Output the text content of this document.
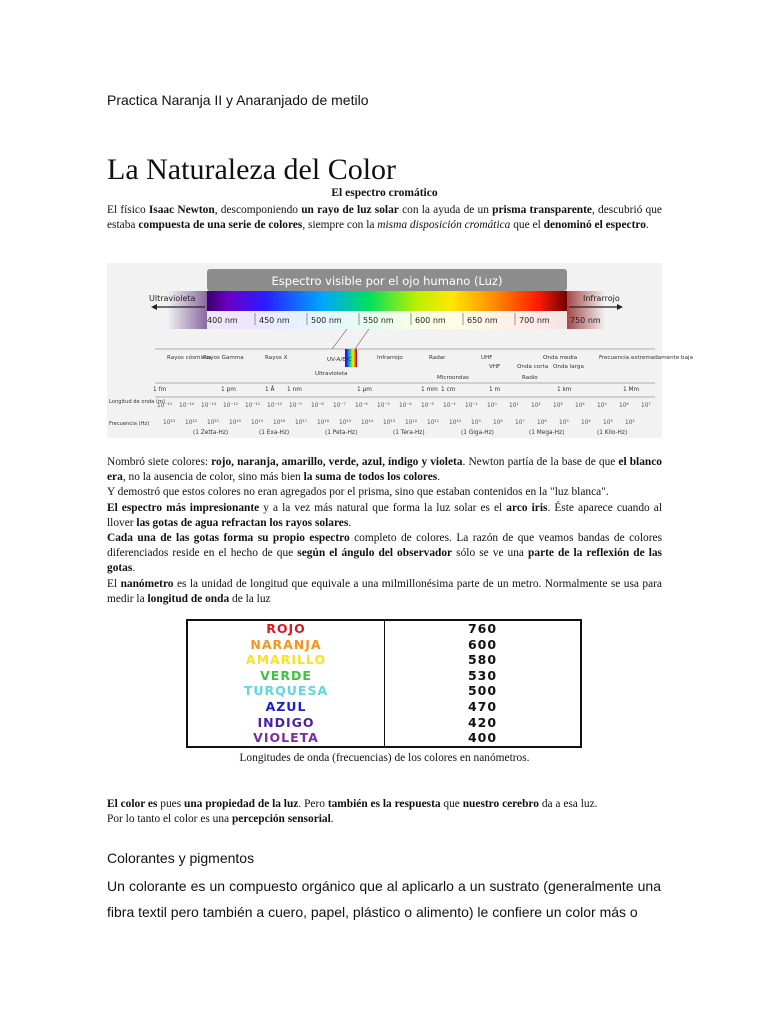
Practica Naranja II y Anaranjado de metilo
La Naturaleza del Color
El espectro cromático
El físico Isaac Newton, descomponiendo un rayo de luz solar con la ayuda de un prisma transparente, descubrió que estaba compuesta de una serie de colores, siempre con la misma disposición cromática que el denominó el espectro.
Espectro visible por el ojo humano (Luz)
400 nm	450 nm	500 nm	550 nm	600 nm	650 nm	700 nm	750 nm
Ultravioleta	Infrarrojo
Rayos cósmicos
Rayos Gamma	Rayos X	UV-A/B/C
Ultravioleta
Infrarrojo	Radar	UHF
VHF
Onda media
Onda corta Onda larga
Microondas	Radio
Frecuencia extremadamente baja
1 fm	1 pm	1 Å 1 nm	1 μm	1 mm 1 cm	1 m	1 km	1 Mm
Longitud de onda (m)
Frecuencia (Hz)
10⁻¹⁵ 10⁻¹⁴ 10⁻¹³ 10⁻¹² 10⁻¹¹ 10⁻¹⁰ 10⁻⁹ 10⁻⁸ 10⁻⁷ 10⁻⁶ 10⁻⁵ 10⁻⁴ 10⁻³ 10⁻² 10⁻¹ 10⁰ 10¹ 10² 10³ 10⁴ 10⁵ 10⁶ 10⁷
10²³ 10²² 10²¹ 10²⁰ 10¹⁹ 10¹⁸ 10¹⁷ 10¹⁶ 10¹⁵ 10¹⁴ 10¹³ 10¹² 10¹¹ 10¹⁰ 10⁹ 10⁸ 10⁷ 10⁶ 10⁵ 10⁴ 10³ 10²
(1 Zetta-Hz)	(1 Exa-Hz)	(1 Peta-Hz)	(1 Tera-Hz)	(1 Giga-Hz)	(1 Mega-Hz)	(1 Kilo-Hz)
Nombró siete colores: rojo, naranja, amarillo, verde, azul, índigo y violeta. Newton partía de la base de que el blanco era, no la ausencia de color, sino más bien la suma de todos los colores.
Y demostró que estos colores no eran agregados por el prisma, sino que estaban contenidos en la "luz blanca".
El espectro más impresionante y a la vez más natural que forma la luz solar es el arco iris. Éste aparece cuando al llover las gotas de agua refractan los rayos solares.
Cada una de las gotas forma su propio espectro completo de colores. La razón de que veamos bandas de colores diferenciados reside en el hecho de que según el ángulo del observador sólo se ve una parte de la reflexión de las gotas.
El nanómetro es la unidad de longitud que equivale a una milmillonésima parte de un metro. Normalmente se usa para medir la longitud de onda de la luz
ROJO	760
NARANJA	600
AMARILLO	580
VERDE	530
TURQUESA	500
AZUL	470
INDIGO	420
VIOLETA	400
Longitudes de onda (frecuencias) de los colores en nanómetros.
El color es pues una propiedad de la luz. Pero también es la respuesta que nuestro cerebro da a esa luz.
Por lo tanto el color es una percepción sensorial.
Colorantes y pigmentos
Un colorante es un compuesto orgánico que al aplicarlo a un sustrato (generalmente una fibra textil pero también a cuero, papel, plástico o alimento) le confiere un color más o
